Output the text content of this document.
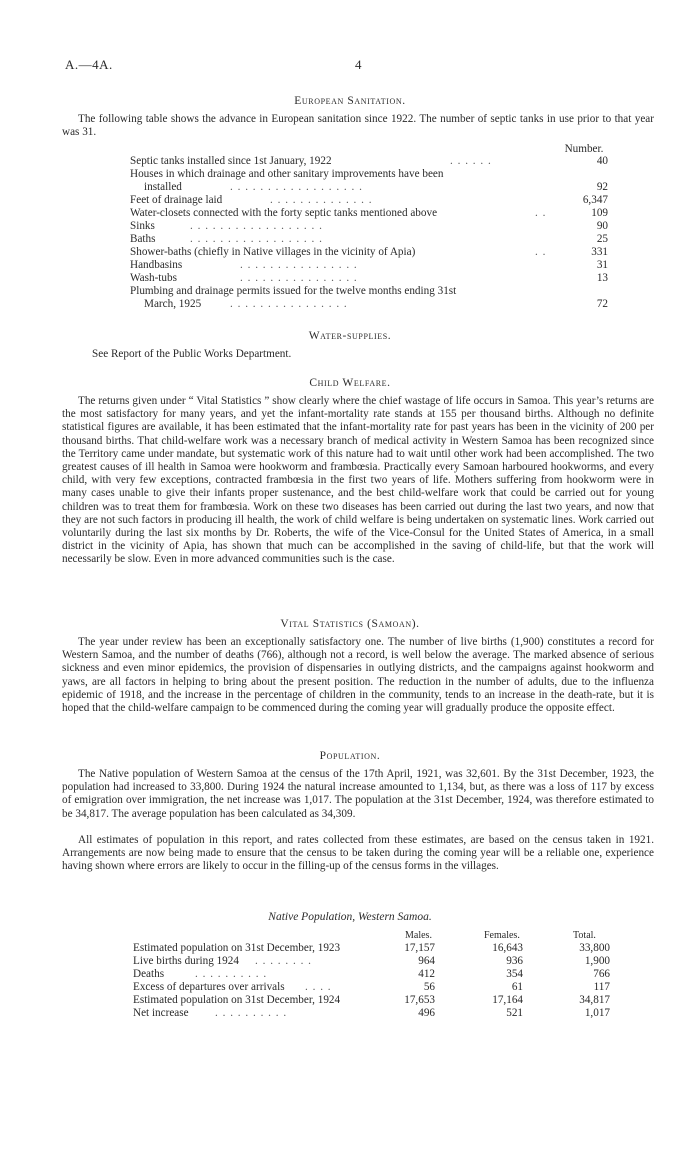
A.—4A.	4
European Sanitation.
The following table shows the advance in European sanitation since 1922. The number of septic tanks in use prior to that year was 31.
Number.
Septic tanks installed since 1st January, 1922	. . . . . .	40
Houses in which drainage and other sanitary improvements have been
installed	. . . . . . . . . . . . . . . . . .	92
Feet of drainage laid	. . . . . . . . . . . . . .	6,347
Water-closets connected with the forty septic tanks mentioned above	. .	109
Sinks	. . . . . . . . . . . . . . . . . .	90
Baths	. . . . . . . . . . . . . . . . . .	25
Shower-baths (chiefly in Native villages in the vicinity of Apia)	. .	331
Handbasins	. . . . . . . . . . . . . . . .	31
Wash-tubs	. . . . . . . . . . . . . . . .	13
Plumbing and drainage permits issued for the twelve months ending 31st
March, 1925	. . . . . . . . . . . . . . . .	72
Water-supplies.
See Report of the Public Works Department.
Child Welfare.
The returns given under “ Vital Statistics ” show clearly where the chief wastage of life occurs in Samoa. This year’s returns are the most satisfactory for many years, and yet the infant-mortality rate stands at 155 per thousand births. Although no definite statistical figures are available, it has been estimated that the infant-mortality rate for past years has been in the vicinity of 200 per thousand births. That child-welfare work was a necessary branch of medical activity in Western Samoa has been recognized since the Territory came under mandate, but systematic work of this nature had to wait until other work had been accomplished. The two greatest causes of ill health in Samoa were hookworm and frambœsia. Practically every Samoan harboured hookworms, and every child, with very few exceptions, contracted frambœsia in the first two years of life. Mothers suffering from hookworm were in many cases unable to give their infants proper sustenance, and the best child-welfare work that could be carried out for young children was to treat them for frambœsia. Work on these two diseases has been carried out during the last two years, and now that they are not such factors in producing ill health, the work of child welfare is being undertaken on systematic lines. Work carried out voluntarily during the last six months by Dr. Roberts, the wife of the Vice-Consul for the United States of America, in a small district in the vicinity of Apia, has shown that much can be accomplished in the saving of child-life, but that the work will necessarily be slow. Even in more advanced communities such is the case.
Vital Statistics (Samoan).
The year under review has been an exceptionally satisfactory one. The number of live births (1,900) constitutes a record for Western Samoa, and the number of deaths (766), although not a record, is well below the average. The marked absence of serious sickness and even minor epidemics, the provision of dispensaries in outlying districts, and the campaigns against hookworm and yaws, are all factors in helping to bring about the present position. The reduction in the number of adults, due to the influenza epidemic of 1918, and the increase in the percentage of children in the community, tends to an increase in the death-rate, but it is hoped that the child-welfare campaign to be commenced during the coming year will gradually produce the opposite effect.
Population.
The Native population of Western Samoa at the census of the 17th April, 1921, was 32,601. By the 31st December, 1923, the population had increased to 33,800. During 1924 the natural increase amounted to 1,134, but, as there was a loss of 117 by excess of emigration over immigration, the net increase was 1,017. The population at the 31st December, 1924, was therefore estimated to be 34,817. The average population has been calculated as 34,309.
All estimates of population in this report, and rates collected from these estimates, are based on the census taken in 1921. Arrangements are now being made to ensure that the census to be taken during the coming year will be a reliable one, experience having shown where errors are likely to occur in the filling-up of the census forms in the villages.
Native Population, Western Samoa.
Males.	Females.	Total.
Estimated population on 31st December, 1923	17,157	16,643	33,800
Live births during 1924 . . . . . . . .	964	936	1,900
Deaths	. . . . . . . . . .	412	354	766
Excess of departures over arrivals . . . .	56	61	117
Estimated population on 31st December, 1924	17,653	17,164	34,817
Net increase . . . . . . . . . .	496	521	1,017
